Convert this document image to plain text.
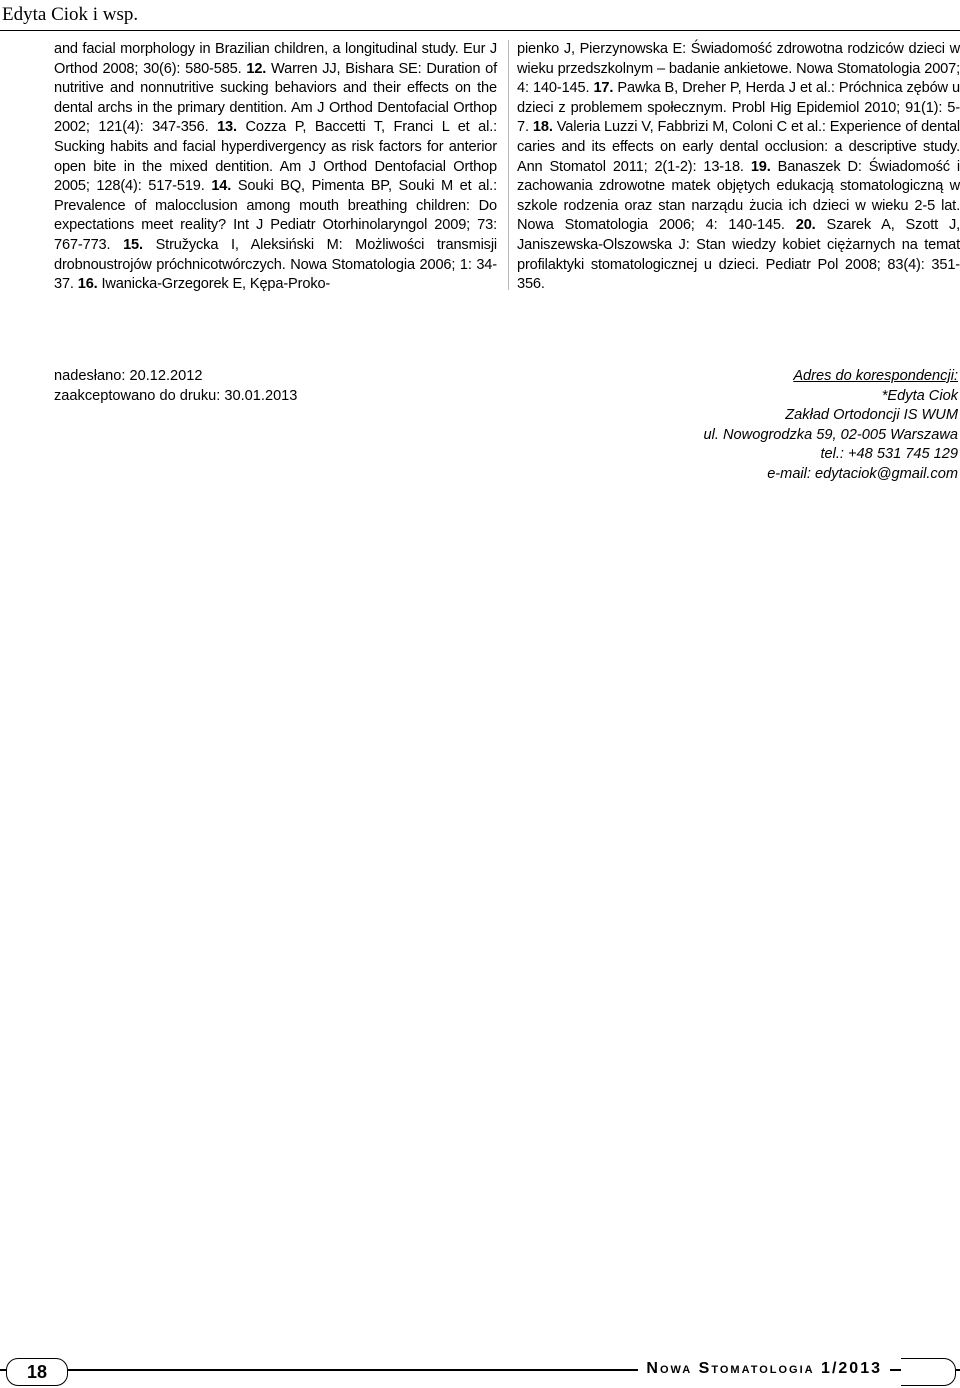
Edyta Ciok i wsp.

and facial morphology in Brazilian children, a longitudinal study. Eur J Orthod 2008; 30(6): 580-585. 12. Warren JJ, Bishara SE: Duration of nutritive and nonnutritive sucking behaviors and their effects on the dental archs in the primary dentition. Am J Orthod Dentofacial Orthop 2002; 121(4): 347-356. 13. Cozza P, Baccetti T, Franci L et al.: Sucking habits and facial hyperdivergency as risk factors for anterior open bite in the mixed dentition. Am J Orthod Dentofacial Orthop 2005; 128(4): 517-519. 14. Souki BQ, Pimenta BP, Souki M et al.: Prevalence of malocclusion among mouth breathing children: Do expectations meet reality? Int J Pediatr Otorhinolaryngol 2009; 73: 767-773. 15. Stružycka I, Aleksiński M: Możliwości transmisji drobnoustrojów próchnicotwórczych. Nowa Stomatologia 2006; 1: 34-37. 16. Iwanicka-Grzegorek E, Kępa-Proko-

pienko J, Pierzynowska E: Świadomość zdrowotna rodziców dzieci w wieku przedszkolnym – badanie ankietowe. Nowa Stomatologia 2007; 4: 140-145. 17. Pawka B, Dreher P, Herda J et al.: Próchnica zębów u dzieci z problemem społecznym. Probl Hig Epidemiol 2010; 91(1): 5-7. 18. Valeria Luzzi V, Fabbrizi M, Coloni C et al.: Experience of dental caries and its effects on early dental occlusion: a descriptive study. Ann Stomatol 2011; 2(1-2): 13-18. 19. Banaszek D: Świadomość i zachowania zdrowotne matek objętych edukacją stomatologiczną w szkole rodzenia oraz stan narządu żucia ich dzieci w wieku 2-5 lat. Nowa Stomatologia 2006; 4: 140-145. 20. Szarek A, Szott J, Janiszewska-Olszowska J: Stan wiedzy kobiet ciężarnych na temat profilaktyki stomatologicznej u dzieci. Pediatr Pol 2008; 83(4): 351-356.

nadesłano: 20.12.2012
zaakceptowano do druku: 30.01.2013
Adres do korespondencji:
*Edyta Ciok
Zakład Ortodoncji IS WUM
ul. Nowogrodzka 59, 02-005 Warszawa
tel.: +48 531 745 129
e-mail: edytaciok@gmail.com
18	Nowa Stomatologia 1/2013
